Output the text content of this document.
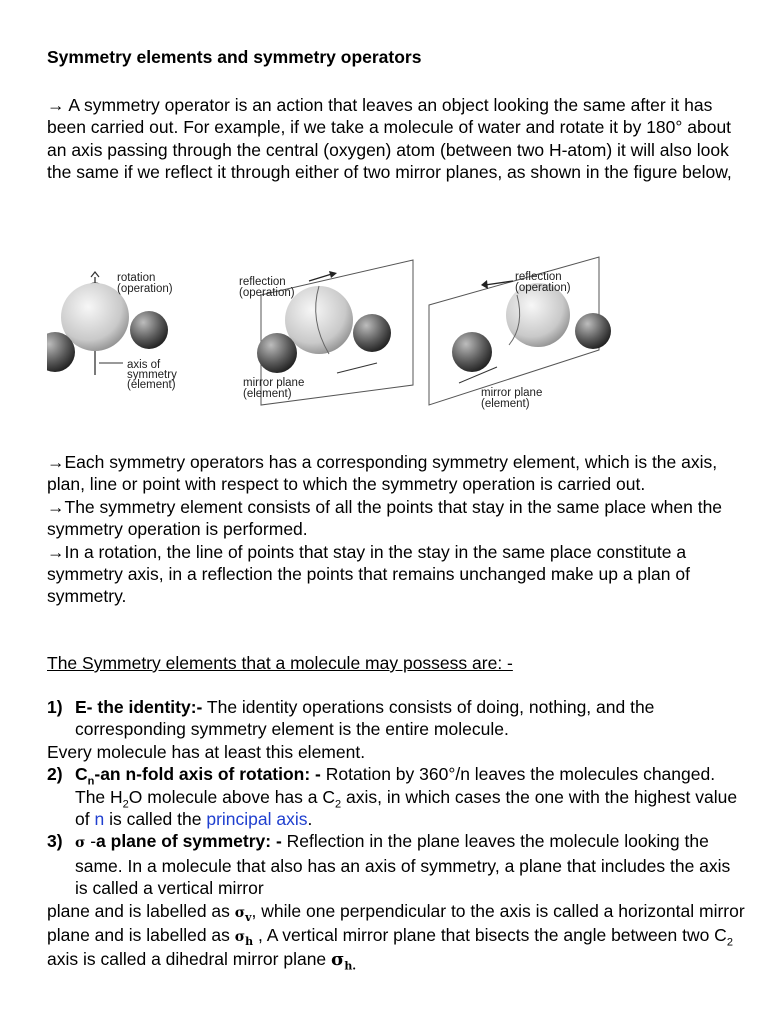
Symmetry elements and symmetry operators
→ A symmetry operator is an action that leaves an object looking the same after it has been carried out. For example, if we take a molecule of water and rotate it by 180° about an axis passing through the central (oxygen) atom (between two H-atom) it will also look the same if we reflect it through either of two mirror planes, as shown in the figure below,
rotation
(operation)
axis of
symmetry
(element)
reflection
(operation)
mirror plane
(element)
reflection
(operation)
mirror plane
(element)

→Each symmetry operators has a corresponding symmetry element, which is the axis, plan, line or point with respect to which the symmetry operation is carried out.

→The symmetry element consists of all the points that stay in the same place when the symmetry operation is performed.

→In a rotation, the line of points that stay in the stay in the same place constitute a symmetry axis, in a reflection the points that remains unchanged make up a plan of symmetry.

The Symmetry elements that a molecule may possess are: -
1) E- the identity:- The identity operations consists of doing, nothing, and the corresponding symmetry element is the entire molecule.
Every molecule has at least this element.
2) $C_n-an$ n-fold axis of rotation: - Rotation by 360°/n leaves the molecules changed. The $H_2O$ molecule above has a $C_2$ axis, in which cases the one with the highest value of n is called the principal axis.
3) σ -a plane of symmetry: - Reflection in the plane leaves the molecule looking the same. In a molecule that also has an axis of symmetry, a plane that includes the axis is called a vertical mirror
plane and is labelled as $\sigma_v$, while one perpendicular to the axis is called a horizontal mirror plane and is labelled as $\sigma_h$ , A vertical mirror plane that bisects the angle between two $C_2$ axis is called a dihedral mirror plane $\sigma_{h.}$
